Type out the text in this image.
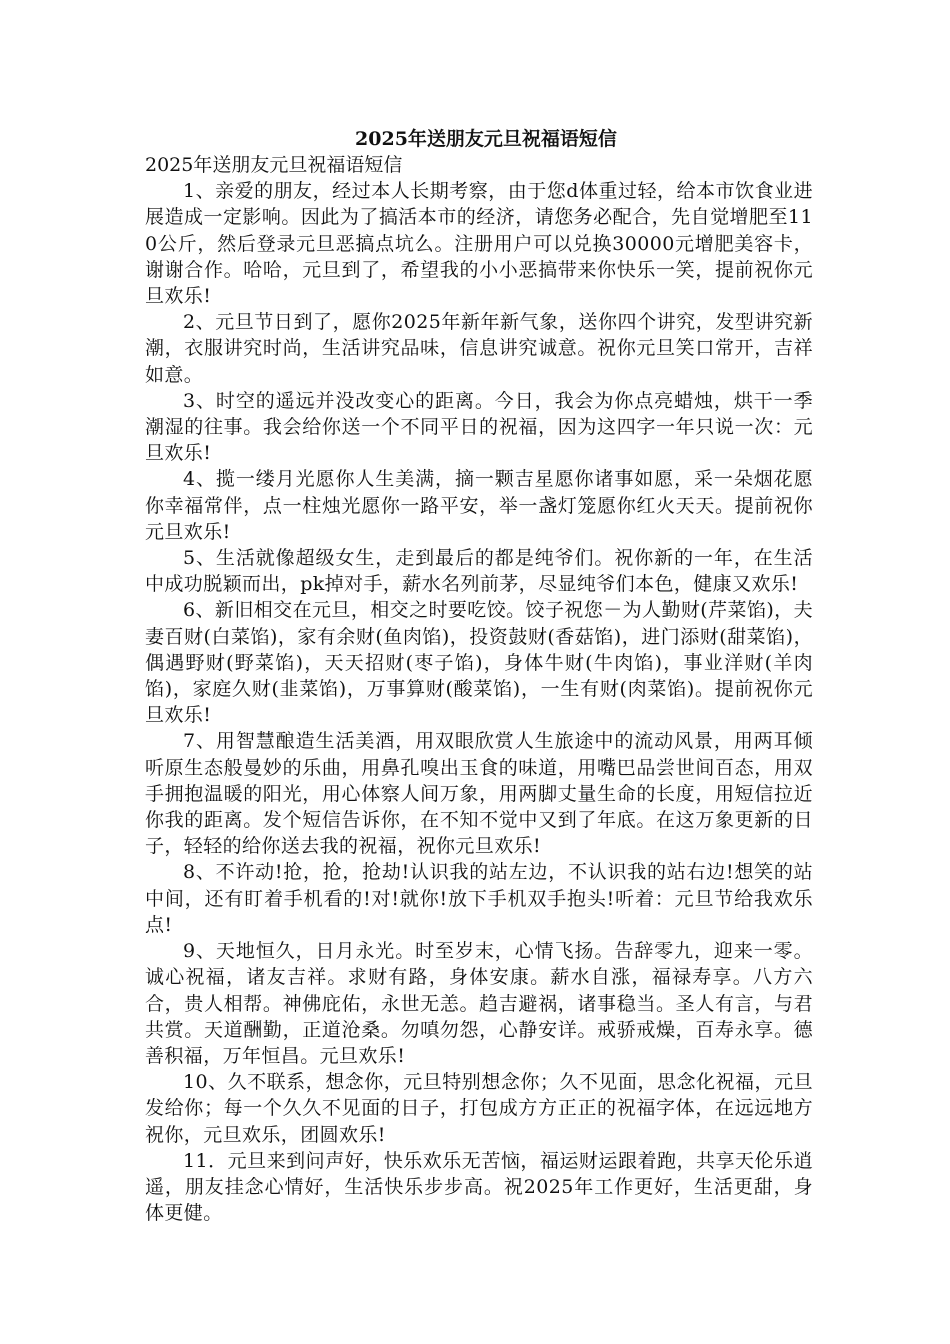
2025年送朋友元旦祝福语短信

2025年送朋友元旦祝福语短信

1、亲爱的朋友，经过本人长期考察，由于您d体重过轻，给本市饮食业进展造成一定影响。因此为了搞活本市的经济，请您务必配合，先自觉增肥至110公斤，然后登录元旦恶搞点坑么。注册用户可以兑换30000元增肥美容卡，谢谢合作。哈哈，元旦到了，希望我的小小恶搞带来你快乐一笑，提前祝你元旦欢乐!

2、元旦节日到了，愿你2025年新年新气象，送你四个讲究，发型讲究新潮，衣服讲究时尚，生活讲究品味，信息讲究诚意。祝你元旦笑口常开，吉祥如意。

3、时空的遥远并没改变心的距离。今日，我会为你点亮蜡烛，烘干一季潮湿的往事。我会给你送一个不同平日的祝福，因为这四字一年只说一次：元旦欢乐!

4、揽一缕月光愿你人生美满，摘一颗吉星愿你诸事如愿，采一朵烟花愿你幸福常伴，点一柱烛光愿你一路平安，举一盏灯笼愿你红火天天。提前祝你元旦欢乐!

5、生活就像超级女生，走到最后的都是纯爷们。祝你新的一年，在生活中成功脱颖而出，pk掉对手，薪水名列前茅，尽显纯爷们本色，健康又欢乐!

6、新旧相交在元旦，相交之时要吃饺。饺子祝您－为人勤财(芹菜馅)，夫妻百财(白菜馅)，家有余财(鱼肉馅)，投资鼓财(香菇馅)，进门添财(甜菜馅)，偶遇野财(野菜馅)，天天招财(枣子馅)，身体牛财(牛肉馅)，事业洋财(羊肉馅)，家庭久财(韭菜馅)，万事算财(酸菜馅)，一生有财(肉菜馅)。提前祝你元旦欢乐!

7、用智慧酿造生活美酒，用双眼欣赏人生旅途中的流动风景，用两耳倾听原生态般曼妙的乐曲，用鼻孔嗅出玉食的味道，用嘴巴品尝世间百态，用双手拥抱温暖的阳光，用心体察人间万象，用两脚丈量生命的长度，用短信拉近你我的距离。发个短信告诉你，在不知不觉中又到了年底。在这万象更新的日子，轻轻的给你送去我的祝福，祝你元旦欢乐!

8、不许动!抢，抢，抢劫!认识我的站左边，不认识我的站右边!想笑的站中间，还有盯着手机看的!对!就你!放下手机双手抱头!听着：元旦节给我欢乐点!

9、天地恒久，日月永光。时至岁末，心情飞扬。告辞零九，迎来一零。诚心祝福，诸友吉祥。求财有路，身体安康。薪水自涨，福禄寿享。八方六合，贵人相帮。神佛庇佑，永世无恙。趋吉避祸，诸事稳当。圣人有言，与君共赏。天道酬勤，正道沧桑。勿嗔勿怨，心静安详。戒骄戒燥，百寿永享。德善积福，万年恒昌。元旦欢乐!

10、久不联系，想念你，元旦特别想念你；久不见面，思念化祝福，元旦发给你；每一个久久不见面的日子，打包成方方正正的祝福字体，在远远地方祝你，元旦欢乐，团圆欢乐!

11．元旦来到问声好，快乐欢乐无苦恼，福运财运跟着跑，共享天伦乐逍遥，朋友挂念心情好，生活快乐步步高。祝2025年工作更好，生活更甜，身体更健。
